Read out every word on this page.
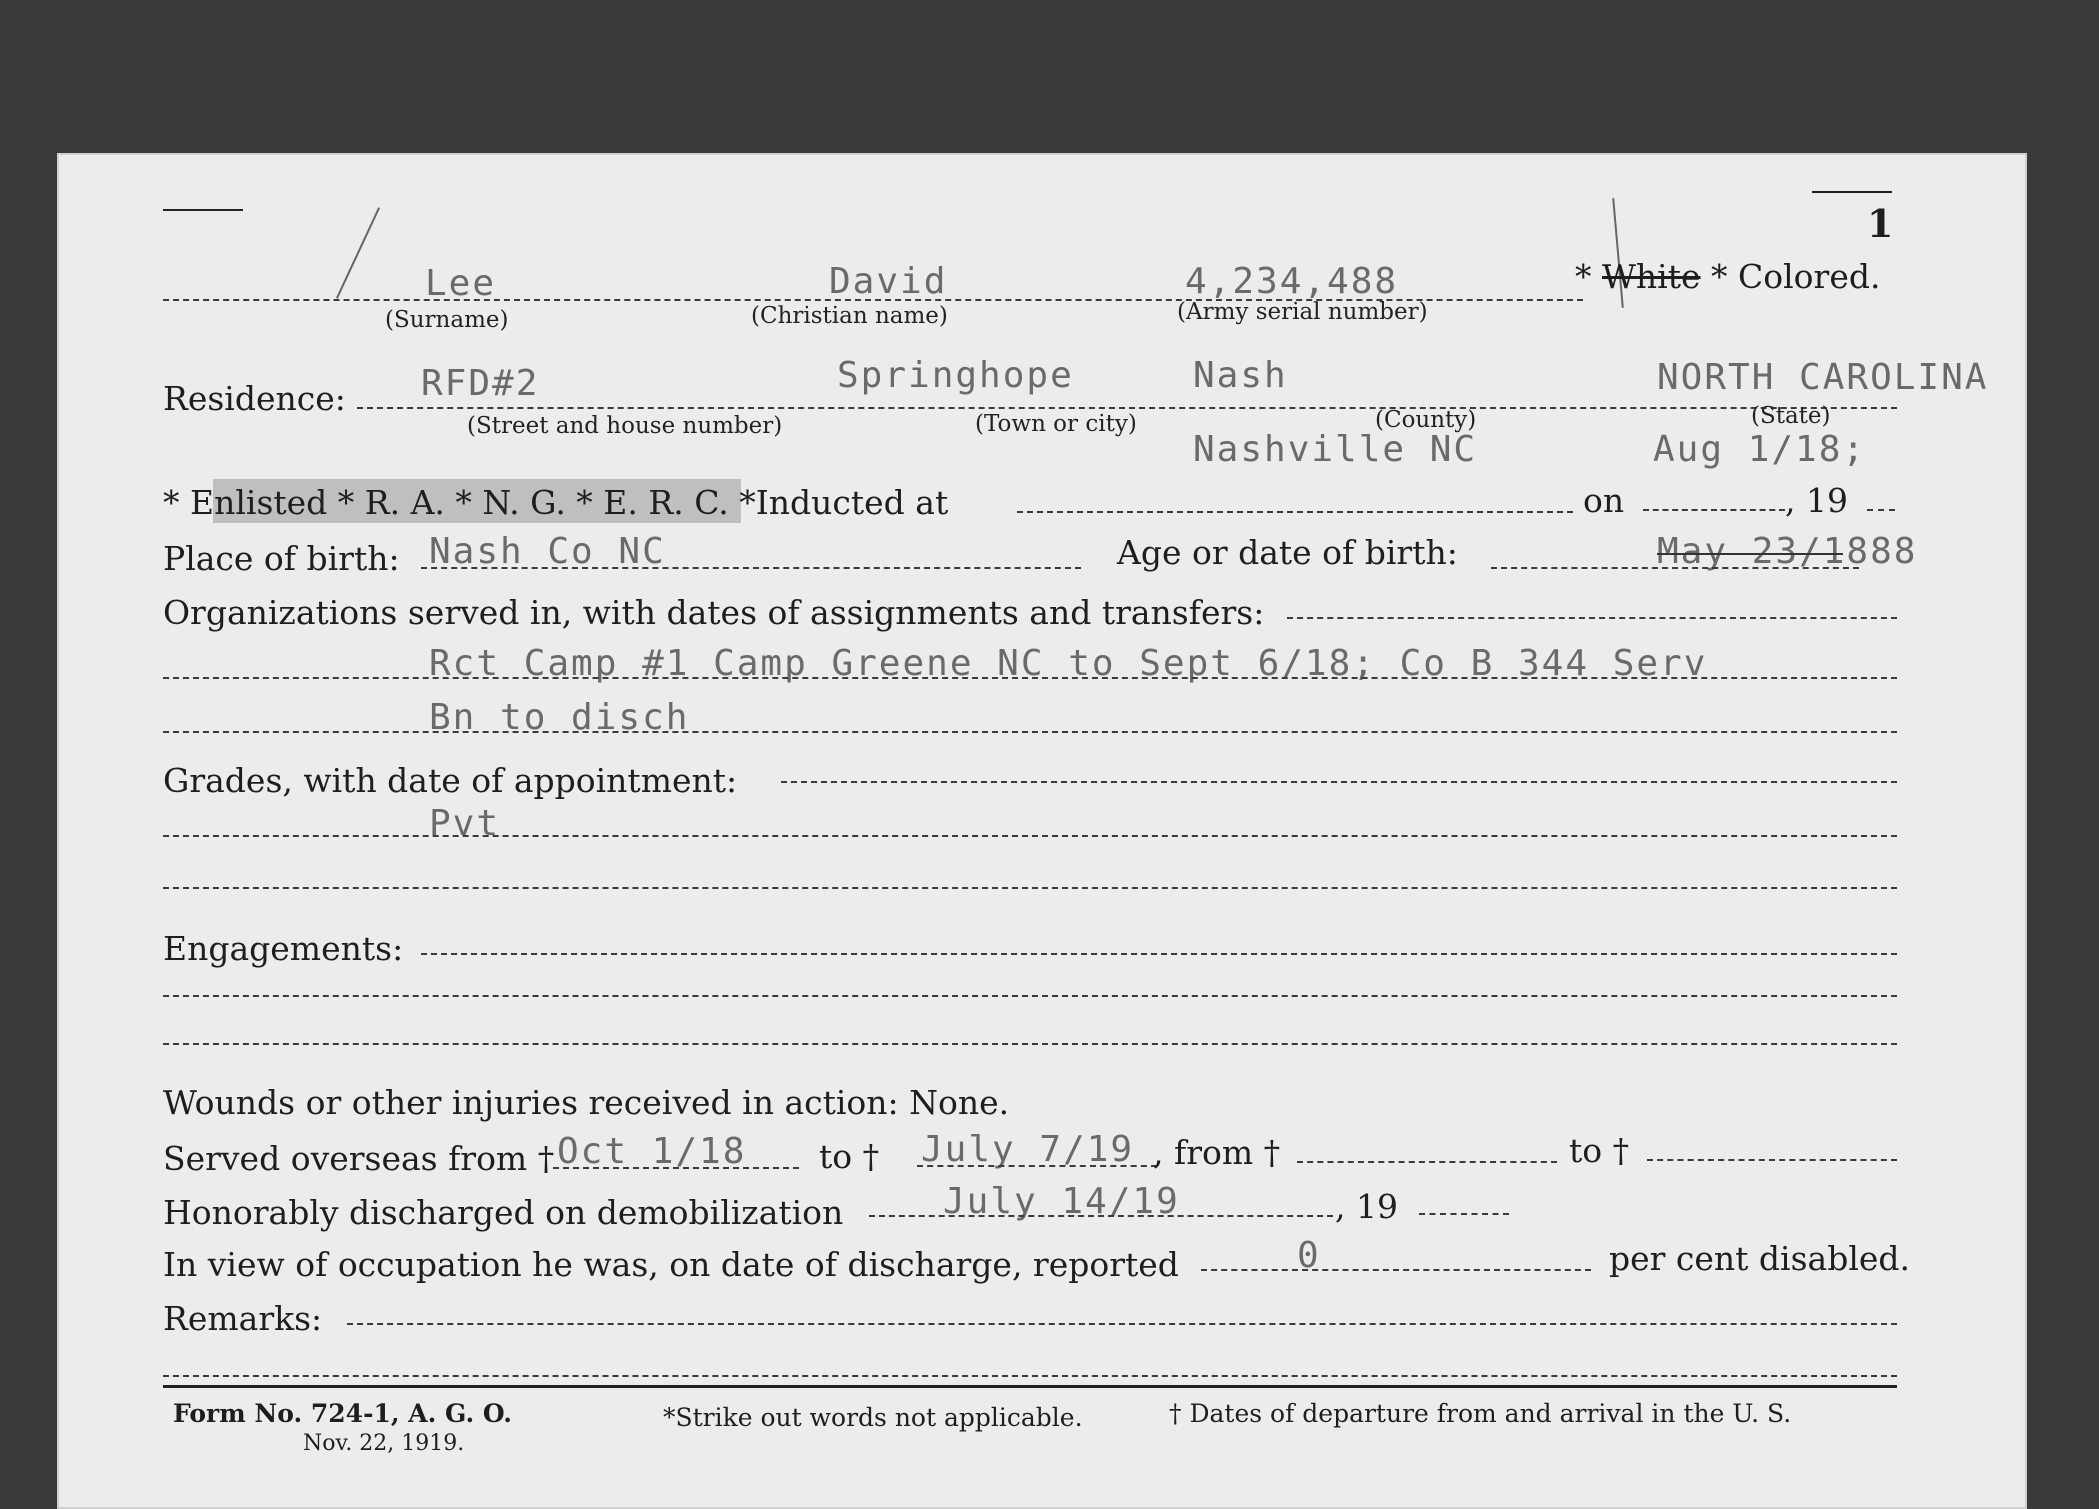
1
Lee	David	4,234,488
(Surname)	(Christian name)	(Army serial number)
* White * Colored.
Residence: RFD#2	Springhope	Nash	NORTH CAROLINA
(Street and house number)	(Town or city)	(County)	(State)
Nashville NC	Aug 1/18;
* Enlisted * R. A. * N. G. * E. R. C. *Inducted at	on	, 19
Place of birth: Nash Co NC	Age or date of birth:	May 23/1888
Organizations served in, with dates of assignments and transfers:
Rct Camp #1 Camp Greene NC to Sept 6/18; Co B 344 Serv
Bn to disch
Grades, with date of appointment:
Pvt
Engagements:
Wounds or other injuries received in action: None.
Served overseas from † Oct 1/18 to † July 7/19 , from †	to †
Honorably discharged on demobilization	July 14/19	, 19
In view of occupation he was, on date of discharge, reported	0	per cent disabled.
Remarks:
Form No. 724-1, A. G. O.
Nov. 22, 1919.
*Strike out words not applicable.	† Dates of departure from and arrival in the U. S.
